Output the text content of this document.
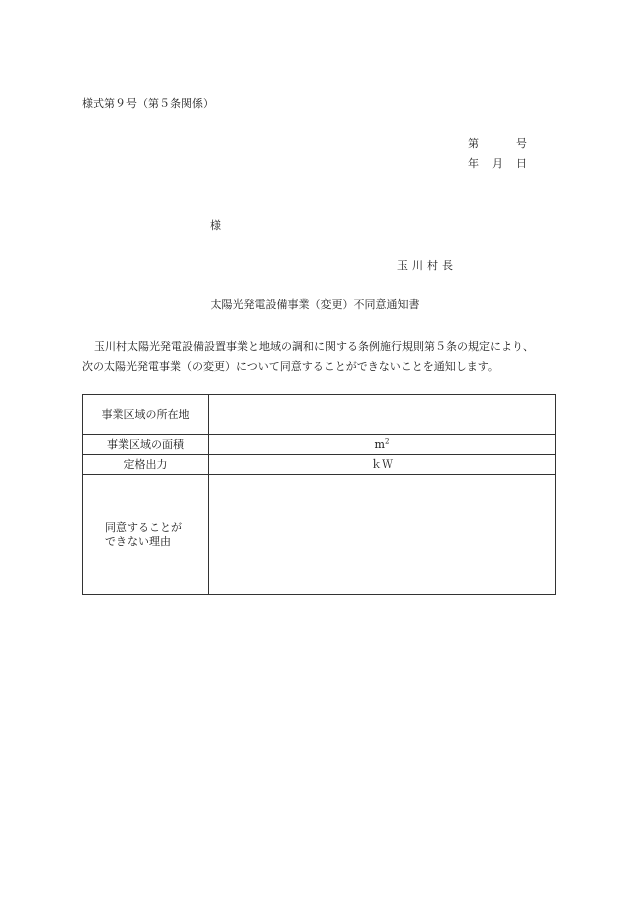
様式第９号（第５条関係）
第	号
年 月 日
様
玉川村長
太陽光発電設備事業（変更）不同意通知書

玉川村太陽光発電設備設置事業と地域の調和に関する条例施行規則第５条の規定により、

次の太陽光発電事業（の変更）について同意することができないことを通知します。

事業区域の所在地	
事業区域の面積	$m^2$
定格出力	ｋＷ

同意することが
できない理由	
